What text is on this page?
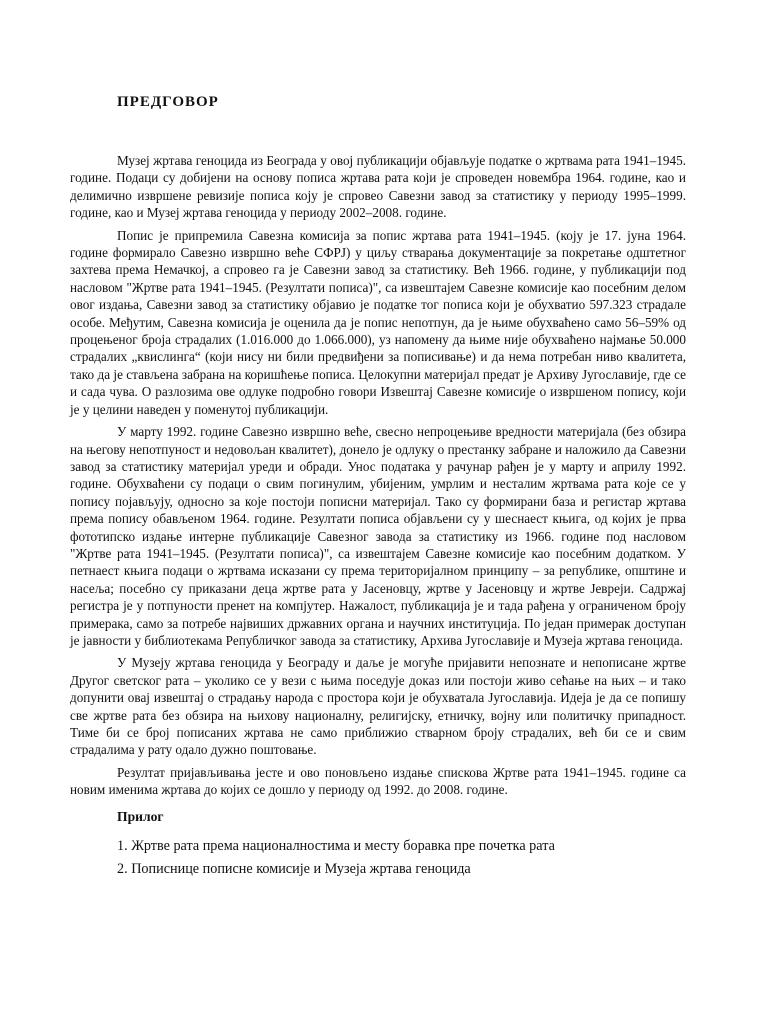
ПРЕДГОВОР

Музеј жртава геноцида из Београда у овој публикацији објављује податке о жртвама рата 1941–1945. године. Подаци су добијени на основу пописа жртава рата који је спроведен новембра 1964. године, као и делимично извршене ревизије пописа коју је спровео Савезни завод за статистику у периоду 1995–1999. године, као и Музеј жртава геноцида у периоду 2002–2008. године.

Попис је припремила Савезна комисија за попис жртава рата 1941–1945. (коју је 17. јуна 1964. године формирало Савезно извршно веће СФРЈ) у циљу стварања документације за покретање одштетног захтева према Немачкој, а спровео га је Савезни завод за статистику. Већ 1966. године, у публикацији под насловом "Жртве рата 1941–1945. (Резултати пописа)", са извештајем Савезне комисије као посебним делом овог издања, Савезни завод за статистику објавио је податке тог пописа који је обухватио 597.323 страдале особе. Међутим, Савезна комисија је оценила да је попис непотпун, да је њиме обухваћено само 56–59% од процењеног броја страдалих (1.016.000 до 1.066.000), уз напомену да њиме није обухваћено најмање 50.000 страдалих „квислинга“ (који нису ни били предвиђени за пописивање) и да нема потребан ниво квалитета, тако да је стављена забрана на коришћење пописа. Целокупни материјал предат је Архиву Југославије, где се и сада чува. О разлозима ове одлуке подробно говори Извештај Савезне комисије о извршеном попису, који је у целини наведен у поменутој публикацији.

У марту 1992. године Савезно извршно веће, свесно непроцењиве вредности материјала (без обзира на његову непотпуност и недовољан квалитет), донело је одлуку о престанку забране и наложило да Савезни завод за статистику материјал уреди и обради. Унос података у рачунар рађен је у марту и априлу 1992. године. Обухваћени су подаци о свим погинулим, убијеним, умрлим и несталим жртвама рата које се у попису појављују, односно за које постоји пописни материјал. Тако су формирани база и регистар жртава према попису обављеном 1964. године. Резултати пописа објављени су у шеснаест књига, од којих је прва фототипско издање интерне публикације Савезног завода за статистику из 1966. године под насловом "Жртве рата 1941–1945. (Резултати пописа)", са извештајем Савезне комисије као посебним додатком. У петнаест књига подаци о жртвама исказани су према територијалном принципу – за републике, општине и насеља; посебно су приказани деца жртве рата у Јасеновцу, жртве у Јасеновцу и жртве Јевреји. Садржај регистра је у потпуности пренет на компјутер. Нажалост, публикација је и тада рађена у ограниченом броју примерака, само за потребе највиших државних органа и научних институција. По један примерак доступан је јавности у библиотекама Републичког завода за статистику, Архива Југославије и Музеја жртава геноцида.

У Музеју жртава геноцида у Београду и даље је могуће пријавити непознате и непописане жртве Другог светског рата – уколико се у вези с њима поседује доказ или постоји живо сећање на њих – и тако допунити овај извештај о страдању народа с простора који је обухватала Југославија. Идеја је да се попишу све жртве рата без обзира на њихову националну, религијску, етничку, војну или политичку припадност. Тиме би се број пописаних жртава не само приближио стварном броју страдалих, већ би се и свим страдалима у рату одало дужно поштовање.

Резултат пријављивања јесте и ово поновљено издање спискова Жртве рата 1941–1945. године са новим именима жртава до којих се дошло у периоду од 1992. до 2008. године.

Прилог
1. Жртве рата према националностима и месту боравка пре почетка рата
2. Пописнице пописне комисије и Музеја жртава геноцида
